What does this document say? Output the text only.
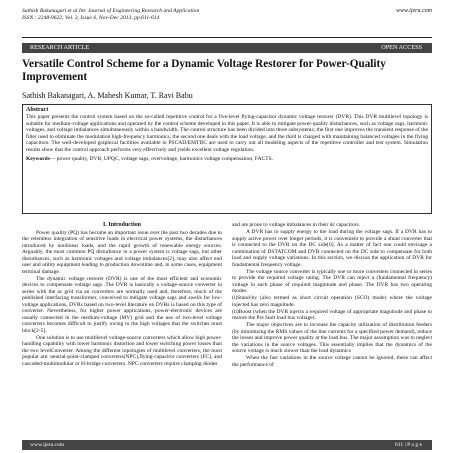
Sathish Bakanagari et al Int. Journal of Engineering Research and Application
ISSN : 2248-9622, Vol. 3, Issue 6, Nov-Dec 2013, pp.611-614
www.ijera.com
RESEARCH ARTICLE	OPEN ACCESS
Versatile Control Scheme for a Dynamic Voltage Restorer for Power-Quality Improvement
Sathish Bakanagari, A. Mahesh Kumar, T. Ravi Babu
Abstract
This paper presents the control system based on the so-called repetitive control for a five-level flying-capacitor dynamic voltage restorer (DVR). This DVR multilevel topology is suitable for medium-voltage applications and operated by the control scheme developed in this paper. It is able to mitigate power-quality disturbances, such as voltage sags, harmonic voltages, and voltage imbalances simultaneously within a bandwidth. The control structure has been divided into three subsystems; the first one improves the transient response of the filter used to eliminate the modulation high-frequency harmonics, the second one deals with the load voltage, and the third is charged with maintaining balanced voltages in the flying capacitors. The well-developed graphical facilities available in PSCAD/EMTDC are used to carry out all modeling aspects of the repetitive controller and test system. Simulation results show that the control approach performs very effectively and yields excellent voltage regulation.
Keywords— power quality, DVR, UPQC, voltage sags, overvoltage, harmonics voltage compensation, FACTS.
I. Introduction

Power quality (PQ) has become an important issue over the past two decades due to the relentless integration of sensitive loads in electrical power systems, the disturbances introduced by nonlinear loads, and the rapid growth of renewable energy sources. Arguably, the most common PQ disturbance in a power system is voltage sags, but other disturbances, such as harmonic voltages and voltage imbalances[2], may also affect end user and utility equipment leading to production downtime and, in some cases, equipment terminal damage.

The dynamic voltage restorer (DVR) is one of the most efficient and economic devices to compensate voltage sags .The DVR is basically a voltage-source converter in series with the ac grid via an converters are normally used and, therefore, much of the published interfacing transformer, conceived to mitigate voltage sags and swells for low-voltage applications, DVRs based on two-level literature on DVRs is based on this type of converter. Nevertheless, for higher power applications, power-electronic devices are usually connected in the medium-voltage (MV) grid and the use of two-level voltage converters becomes difficult to justify owing to the high voltages that the switches must block[2-5].

One solution is to use multilevel voltage-source converters which allow high power-handling capability with lower harmonic distortion and lower switching power losses than the two levelConverter. Among the different topologies of multilevel converters, the most popular are: neutral-point-clamped converters(NPC),flying-capacitor converters (FC), and cascaded-multimodular or H-bridge converters. NPC converters require clamping diodes

and are prone to voltage imbalances in their dc capacitors.

A DVR has to supply energy to the load during the voltage sags. If a DVR has to supply active power over longer periods, it is convenient to provide a shunt converter that is connected to the DVR on the DC side[6]. As a matter of fact one could envisage a combination of DSTATCOM and DVR connected on the DC side to compensate for both load and supply voltage variations. In this section, we discuss the application of DVR for fundamental frequency voltage.

The voltage source converter is typically one or more converters connected in series to provide the required voltage rating. The DVR can inject a (fundamental frequency) voltage in each phase of required magnitude and phase. The DVR has two operating modes

(i)Stand-by (also termed as short circuit operation (SCO) mode) where the voltage injected has zero magnitude.

(ii)Boost (when the DVR injects a required voltage of appropriate magnitude and phase to restore the Pre fault load bus voltage).

The major objectives are to increase the capacity utilization of distribution feeders (by minimizing the RMS values of the line currents for a specified power demand), reduce the losses and improve power quality at the load bus. The major assumption was to neglect the variations in the source voltages. This essentially implies that the dynamics of the source voltage is much slower than the load dynamics

When the fast variations in the source voltage cannot be ignored, these can affect the performance of

www.ijera.com	611 | P a g e
